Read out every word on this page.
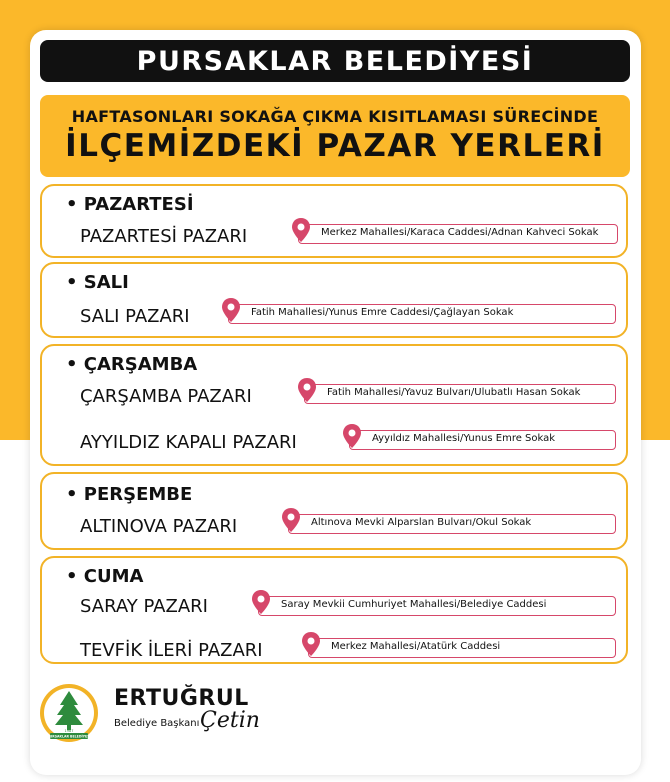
PURSAKLAR BELEDİYESİ
HAFTASONLARI SOKAĞA ÇIKMA KISITLAMASI SÜRECİNDE
İLÇEMİZDEKİ PAZAR YERLERİ
• PAZARTESİ
PAZARTESİ PAZARI	Merkez Mahallesi/Karaca Caddesi/Adnan Kahveci Sokak
• SALI
SALI PAZARI	Fatih Mahallesi/Yunus Emre Caddesi/Çağlayan Sokak
• ÇARŞAMBA
ÇARŞAMBA PAZARI	Fatih Mahallesi/Yavuz Bulvarı/Ulubatlı Hasan Sokak
AYYILDIZ KAPALI PAZARI	Ayyıldız Mahallesi/Yunus Emre Sokak
• PERŞEMBE
ALTINOVA PAZARI	Altınova Mevki Alparslan Bulvarı/Okul Sokak
• CUMA
SARAY PAZARI	Saray Mevkii Cumhuriyet Mahallesi/Belediye Caddesi
TEVFİK İLERİ PAZARI	Merkez Mahallesi/Atatürk Caddesi
1987
PURSAKLAR BELEDİYESİ
ERTUĞRUL
Belediye Başkanı Çetin
